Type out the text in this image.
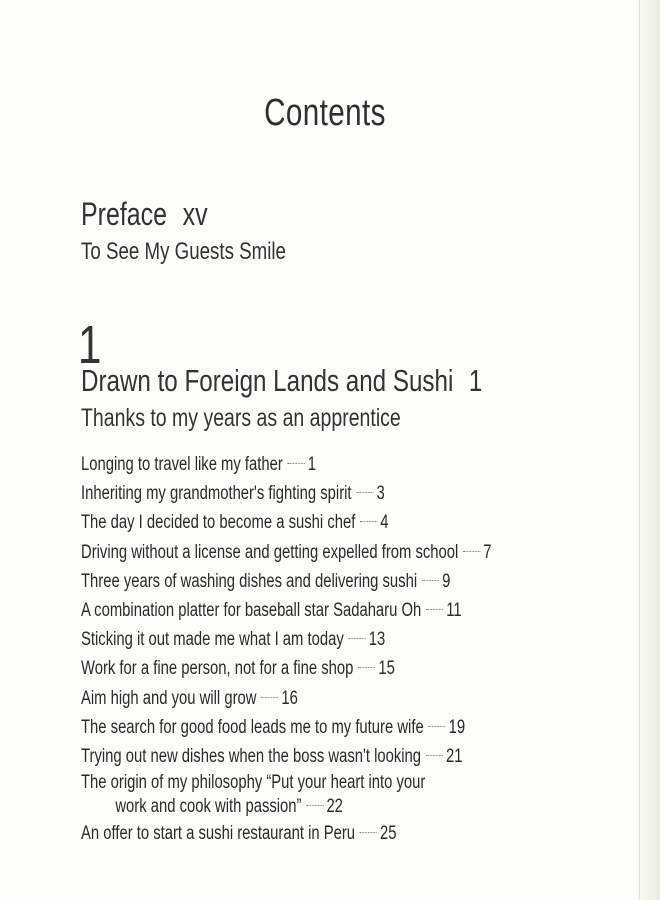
Contents
Preface xv
To See My Guests Smile
1
Drawn to Foreign Lands and Sushi 1
Thanks to my years as an apprentice
Longing to travel like my father 1
Inheriting my grandmother's fighting spirit 3
The day I decided to become a sushi chef 4
Driving without a license and getting expelled from school 7
Three years of washing dishes and delivering sushi 9
A combination platter for baseball star Sadaharu Oh 11
Sticking it out made me what I am today 13
Work for a fine person, not for a fine shop 15
Aim high and you will grow 16
The search for good food leads me to my future wife 19
Trying out new dishes when the boss wasn't looking 21
The origin of my philosophy “Put your heart into your
work and cook with passion” 22
An offer to start a sushi restaurant in Peru 25
